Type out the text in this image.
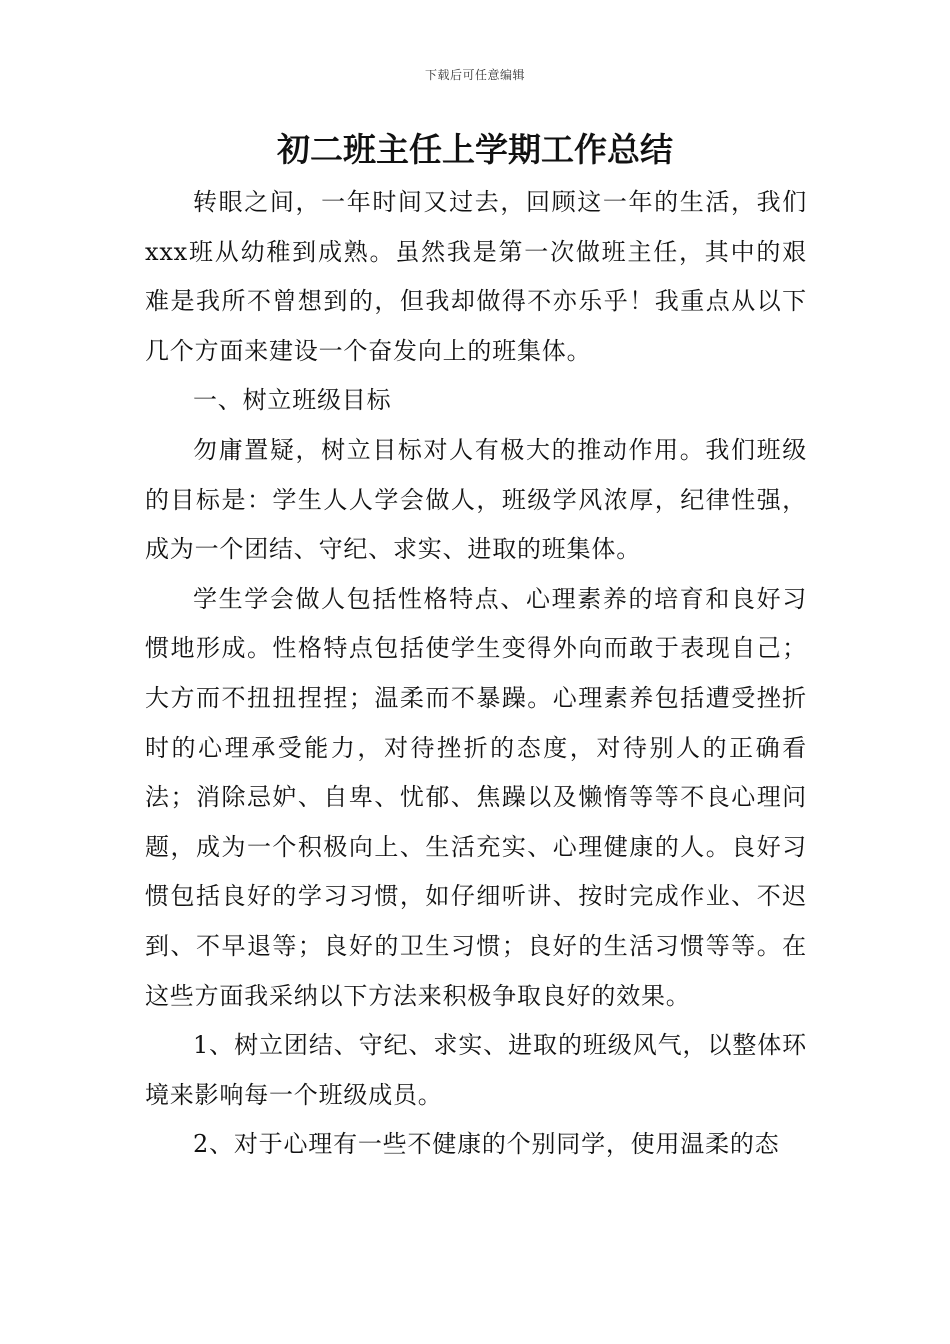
下载后可任意编辑
初二班主任上学期工作总结

转眼之间，一年时间又过去，回顾这一年的生活，我们xxx班从幼稚到成熟。虽然我是第一次做班主任，其中的艰难是我所不曾想到的，但我却做得不亦乐乎！我重点从以下几个方面来建设一个奋发向上的班集体。

一、树立班级目标

勿庸置疑，树立目标对人有极大的推动作用。我们班级的目标是：学生人人学会做人，班级学风浓厚，纪律性强，成为一个团结、守纪、求实、进取的班集体。

学生学会做人包括性格特点、心理素养的培育和良好习惯地形成。性格特点包括使学生变得外向而敢于表现自己；大方而不扭扭捏捏；温柔而不暴躁。心理素养包括遭受挫折时的心理承受能力，对待挫折的态度，对待别人的正确看法；消除忌妒、自卑、忧郁、焦躁以及懒惰等等不良心理问题，成为一个积极向上、生活充实、心理健康的人。良好习惯包括良好的学习习惯，如仔细听讲、按时完成作业、不迟到、不早退等；良好的卫生习惯；良好的生活习惯等等。在这些方面我采纳以下方法来积极争取良好的效果。

1、树立团结、守纪、求实、进取的班级风气，以整体环境来影响每一个班级成员。

2、对于心理有一些不健康的个别同学，使用温柔的态
